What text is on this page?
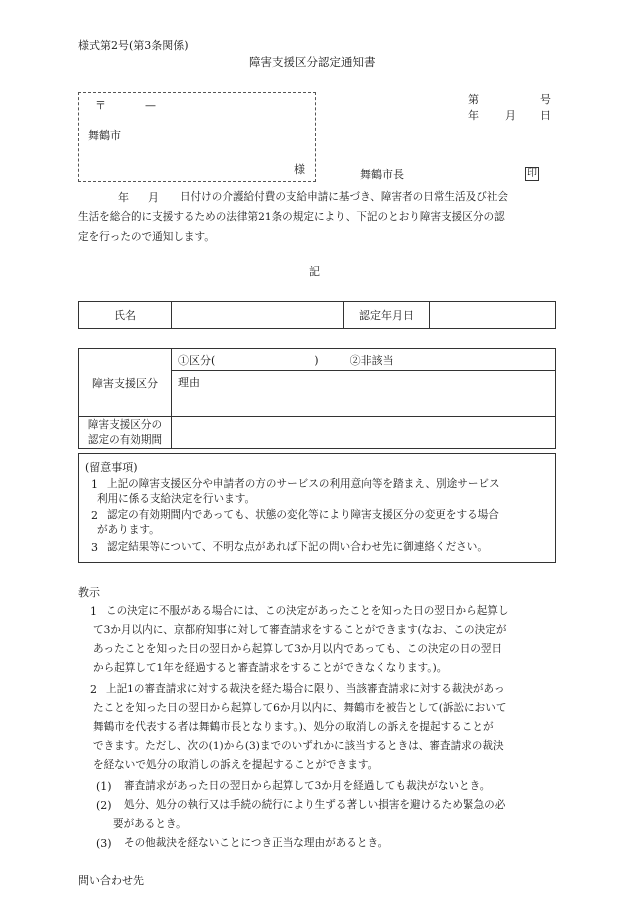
様式第2号(第3条関係)
障害支援区分認定通知書
〒	—
舞鶴市
様
第	号
年 月 日
舞鶴市長	印
年 月 日付けの介護給付費の支給申請に基づき、障害者の日常生活及び社会
生活を総合的に支援するための法律第21条の規定により、下記のとおり障害支援区分の認
定を行ったので通知します。
記
氏名		認定年月日	
障害支援区分	①区分( ) ②非該当
	理由

障害支援区分の
認定の有効期間	

(留意事項)
1 上記の障害支援区分や申請者の方のサービスの利用意向等を踏まえ、別途サービス
利用に係る支給決定を行います。
2 認定の有効期間内であっても、状態の変化等により障害支援区分の変更をする場合
があります。
3 認定結果等について、不明な点があれば下記の問い合わせ先に御連絡ください。
教示
1 この決定に不服がある場合には、この決定があったことを知った日の翌日から起算し
て3か月以内に、京都府知事に対して審査請求をすることができます(なお、この決定が
あったことを知った日の翌日から起算して3か月以内であっても、この決定の日の翌日
から起算して1年を経過すると審査請求をすることができなくなります。)。
2 上記1の審査請求に対する裁決を経た場合に限り、当該審査請求に対する裁決があっ
たことを知った日の翌日から起算して6か月以内に、舞鶴市を被告として(訴訟において
舞鶴市を代表する者は舞鶴市長となります。)、処分の取消しの訴えを提起することが
できます。ただし、次の(1)から(3)までのいずれかに該当するときは、審査請求の裁決
を経ないで処分の取消しの訴えを提起することができます。
(1) 審査請求があった日の翌日から起算して3か月を経過しても裁決がないとき。
(2) 処分、処分の執行又は手続の続行により生ずる著しい損害を避けるため緊急の必
要があるとき。
(3) その他裁決を経ないことにつき正当な理由があるとき。
問い合わせ先
